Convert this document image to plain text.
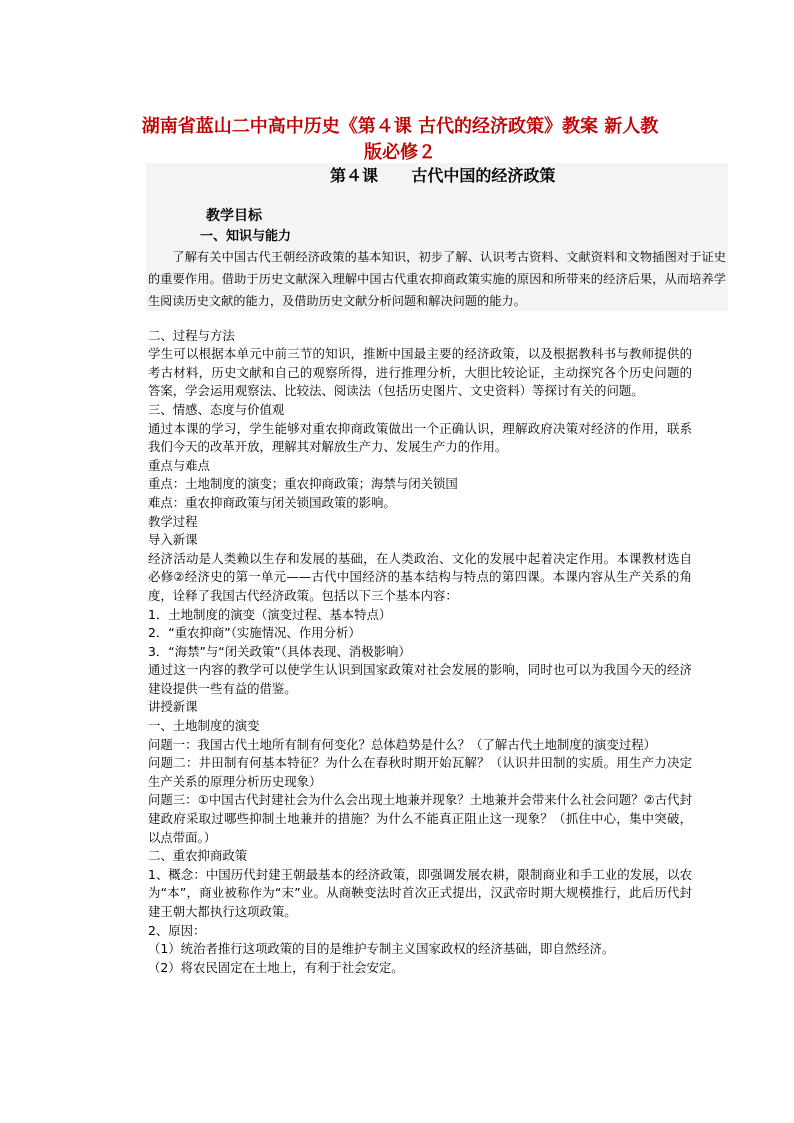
湖南省蓝山二中高中历史《第４课 古代的经济政策》教案 新人教版必修２
第４课      古代中国的经济政策
教学目标
一、知识与能力
了解有关中国古代王朝经济政策的基本知识，初步了解、认识考古资料、文献资料和文物插图对于证史的重要作用。借助于历史文献深入理解中国古代重农抑商政策实施的原因和所带来的经济后果，从而培养学生阅读历史文献的能力，及借助历史文献分析问题和解决问题的能力。

二、过程与方法

学生可以根据本单元中前三节的知识，推断中国最主要的经济政策，以及根据教科书与教师提供的考古材料，历史文献和自己的观察所得，进行推理分析，大胆比较论证，主动探究各个历史问题的答案，学会运用观察法、比较法、阅读法（包括历史图片、文史资料）等探讨有关的问题。

三、情感、态度与价值观

通过本课的学习，学生能够对重农抑商政策做出一个正确认识，理解政府决策对经济的作用，联系我们今天的改革开放，理解其对解放生产力、发展生产力的作用。

重点与难点

重点：土地制度的演变；重农抑商政策；海禁与闭关锁国

难点：重农抑商政策与闭关锁国政策的影响。

教学过程

导入新课

经济活动是人类赖以生存和发展的基础，在人类政治、文化的发展中起着决定作用。本课教材选自必修②经济史的第一单元——古代中国经济的基本结构与特点的第四课。本课内容从生产关系的角度，诠释了我国古代经济政策。包括以下三个基本内容：

1．土地制度的演变（演变过程、基本特点）

2．“重农抑商”（实施情况、作用分析）

3．“海禁”与“闭关政策”（具体表现、消极影响）

通过这一内容的教学可以使学生认识到国家政策对社会发展的影响，同时也可以为我国今天的经济建设提供一些有益的借鉴。

讲授新课

一、土地制度的演变

问题一：我国古代土地所有制有何变化？总体趋势是什么？（了解古代土地制度的演变过程）

问题二：井田制有何基本特征？为什么在春秋时期开始瓦解？（认识井田制的实质。用生产力决定生产关系的原理分析历史现象）

问题三：①中国古代封建社会为什么会出现土地兼并现象？土地兼并会带来什么社会问题？②古代封建政府采取过哪些抑制土地兼并的措施？为什么不能真正阻止这一现象？（抓住中心，集中突破，以点带面。）

二、重农抑商政策

1、概念：中国历代封建王朝最基本的经济政策，即强调发展农耕，限制商业和手工业的发展，以农为“本”，商业被称作为“末”业。从商鞅变法时首次正式提出，汉武帝时期大规模推行，此后历代封建王朝大都执行这项政策。

2、原因：

（1）统治者推行这项政策的目的是维护专制主义国家政权的经济基础，即自然经济。

（2）将农民固定在土地上，有利于社会安定。
